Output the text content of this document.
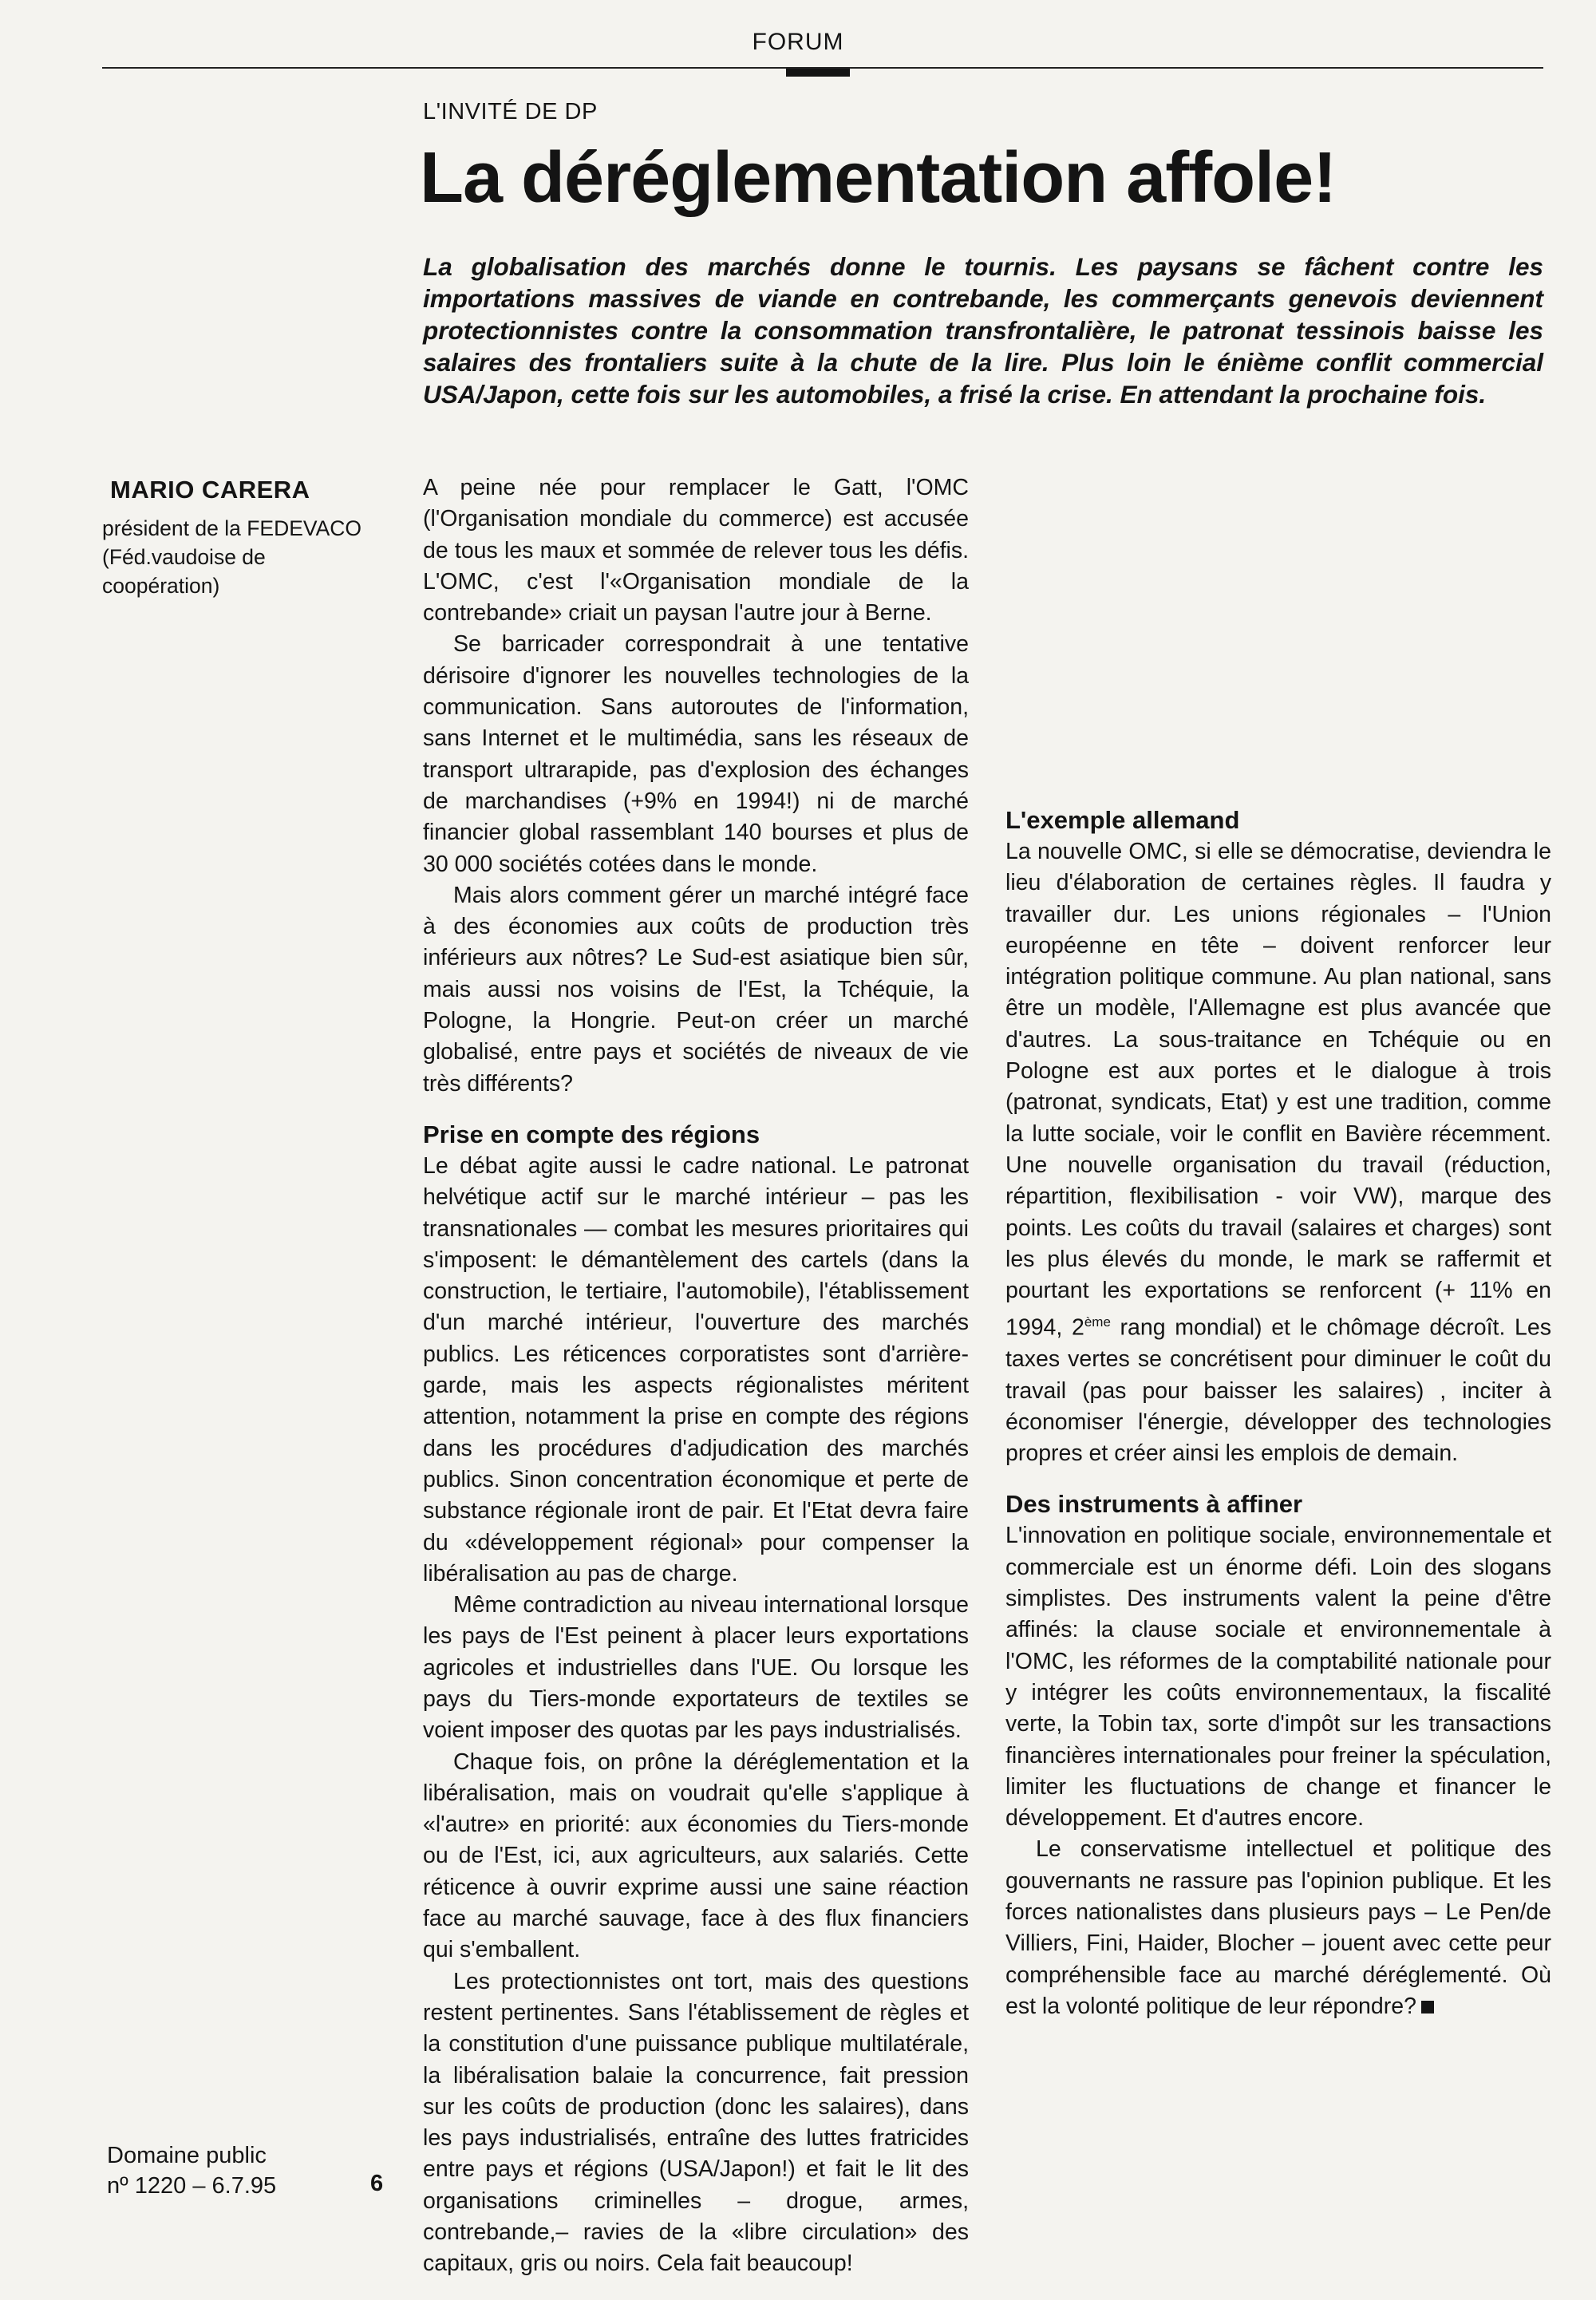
FORUM
L'INVITÉ DE DP
La déréglementation affole!

La globalisation des marchés donne le tournis. Les paysans se fâchent contre les importations massives de viande en contrebande, les commerçants genevois deviennent protectionnistes contre la consommation transfrontalière, le patronat tessinois baisse les salaires des frontaliers suite à la chute de la lire. Plus loin le énième conflit commercial USA/Japon, cette fois sur les automobiles, a frisé la crise. En attendant la prochaine fois.

MARIO CARERA

président de la FEDEVACO (Féd.vaudoise de coopération)

A peine née pour remplacer le Gatt, l'OMC (l'Organisation mondiale du commerce) est accusée de tous les maux et sommée de relever tous les défis. L'OMC, c'est l'«Organisation mondiale de la contrebande» criait un paysan l'autre jour à Berne.

Se barricader correspondrait à une tentative dérisoire d'ignorer les nouvelles technologies de la communication. Sans autoroutes de l'information, sans Internet et le multimédia, sans les réseaux de transport ultrarapide, pas d'explosion des échanges de marchandises (+9% en 1994!) ni de marché financier global rassemblant 140 bourses et plus de 30 000 sociétés cotées dans le monde.

Mais alors comment gérer un marché intégré face à des économies aux coûts de production très inférieurs aux nôtres? Le Sud-est asiatique bien sûr, mais aussi nos voisins de l'Est, la Tchéquie, la Pologne, la Hongrie. Peut-on créer un marché globalisé, entre pays et sociétés de niveaux de vie très différents?

Prise en compte des régions

Le débat agite aussi le cadre national. Le patronat helvétique actif sur le marché intérieur – pas les transnationales — combat les mesures prioritaires qui s'imposent: le démantèlement des cartels (dans la construction, le tertiaire, l'automobile), l'établissement d'un marché intérieur, l'ouverture des marchés publics. Les réticences corporatistes sont d'arrière-garde, mais les aspects régionalistes méritent attention, notamment la prise en compte des régions dans les procédures d'adjudication des marchés publics. Sinon concentration économique et perte de substance régionale iront de pair. Et l'Etat devra faire du «développement régional» pour compenser la libéralisation au pas de charge.

Même contradiction au niveau international lorsque les pays de l'Est peinent à placer leurs exportations agricoles et industrielles dans l'UE. Ou lorsque les pays du Tiers-monde exportateurs de textiles se voient imposer des quotas par les pays industrialisés.

Chaque fois, on prône la déréglementation et la libéralisation, mais on voudrait qu'elle s'applique à «l'autre» en priorité: aux économies du Tiers-monde ou de l'Est, ici, aux agriculteurs, aux salariés. Cette réticence à ouvrir exprime aussi une saine réaction face au marché sauvage, face à des flux financiers qui s'emballent.

Les protectionnistes ont tort, mais des questions restent pertinentes. Sans l'établissement de règles et la constitution d'une puissance publique multilatérale, la libéralisation balaie la concurrence, fait pression sur les coûts de production (donc les salaires), dans les pays industrialisés, entraîne des luttes fratricides entre pays et régions (USA/Japon!) et fait le lit des organisations criminelles – drogue, armes, contrebande,– ravies de la «libre circulation» des capitaux, gris ou noirs. Cela fait beaucoup!

L'exemple allemand

La nouvelle OMC, si elle se démocratise, deviendra le lieu d'élaboration de certaines règles. Il faudra y travailler dur. Les unions régionales – l'Union européenne en tête – doivent renforcer leur intégration politique commune. Au plan national, sans être un modèle, l'Allemagne est plus avancée que d'autres. La sous-traitance en Tchéquie ou en Pologne est aux portes et le dialogue à trois (patronat, syndicats, Etat) y est une tradition, comme la lutte sociale, voir le conflit en Bavière récemment. Une nouvelle organisation du travail (réduction, répartition, flexibilisation - voir VW), marque des points. Les coûts du travail (salaires et charges) sont les plus élevés du monde, le mark se raffermit et pourtant les exportations se renforcent (+ 11% en 1994, 2ème rang mondial) et le chômage décroît. Les taxes vertes se concrétisent pour diminuer le coût du travail (pas pour baisser les salaires) , inciter à économiser l'énergie, développer des technologies propres et créer ainsi les emplois de demain.

Des instruments à affiner

L'innovation en politique sociale, environnementale et commerciale est un énorme défi. Loin des slogans simplistes. Des instruments valent la peine d'être affinés: la clause sociale et environnementale à l'OMC, les réformes de la comptabilité nationale pour y intégrer les coûts environnementaux, la fiscalité verte, la Tobin tax, sorte d'impôt sur les transactions financières internationales pour freiner la spéculation, limiter les fluctuations de change et financer le développement. Et d'autres encore.

Le conservatisme intellectuel et politique des gouvernants ne rassure pas l'opinion publique. Et les forces nationalistes dans plusieurs pays – Le Pen/de Villiers, Fini, Haider, Blocher – jouent avec cette peur compréhensible face au marché déréglementé. Où est la volonté politique de leur répondre?

Domaine public
nº 1220 – 6.7.95	6
